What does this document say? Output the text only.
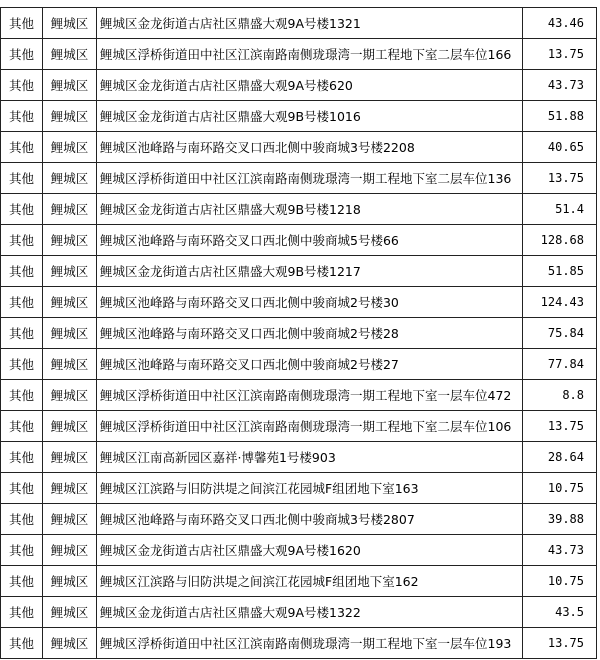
其他	鲤城区	鲤城区金龙街道古店社区鼎盛大观9A号楼1321	43.46
其他	鲤城区	鲤城区浮桥街道田中社区江滨南路南侧珑璟湾一期工程地下室二层车位166	13.75
其他	鲤城区	鲤城区金龙街道古店社区鼎盛大观9A号楼620	43.73
其他	鲤城区	鲤城区金龙街道古店社区鼎盛大观9B号楼1016	51.88
其他	鲤城区	鲤城区池峰路与南环路交叉口西北侧中骏商城3号楼2208	40.65
其他	鲤城区	鲤城区浮桥街道田中社区江滨南路南侧珑璟湾一期工程地下室二层车位136	13.75
其他	鲤城区	鲤城区金龙街道古店社区鼎盛大观9B号楼1218	51.4
其他	鲤城区	鲤城区池峰路与南环路交叉口西北侧中骏商城5号楼66	128.68
其他	鲤城区	鲤城区金龙街道古店社区鼎盛大观9B号楼1217	51.85
其他	鲤城区	鲤城区池峰路与南环路交叉口西北侧中骏商城2号楼30	124.43
其他	鲤城区	鲤城区池峰路与南环路交叉口西北侧中骏商城2号楼28	75.84
其他	鲤城区	鲤城区池峰路与南环路交叉口西北侧中骏商城2号楼27	77.84
其他	鲤城区	鲤城区浮桥街道田中社区江滨南路南侧珑璟湾一期工程地下室一层车位472	8.8
其他	鲤城区	鲤城区浮桥街道田中社区江滨南路南侧珑璟湾一期工程地下室二层车位106	13.75
其他	鲤城区	鲤城区江南高新园区嘉祥·博馨苑1号楼903	28.64
其他	鲤城区	鲤城区江滨路与旧防洪堤之间滨江花园城F组团地下室163	10.75
其他	鲤城区	鲤城区池峰路与南环路交叉口西北侧中骏商城3号楼2807	39.88
其他	鲤城区	鲤城区金龙街道古店社区鼎盛大观9A号楼1620	43.73
其他	鲤城区	鲤城区江滨路与旧防洪堤之间滨江花园城F组团地下室162	10.75
其他	鲤城区	鲤城区金龙街道古店社区鼎盛大观9A号楼1322	43.5
其他	鲤城区	鲤城区浮桥街道田中社区江滨南路南侧珑璟湾一期工程地下室一层车位193	13.75
